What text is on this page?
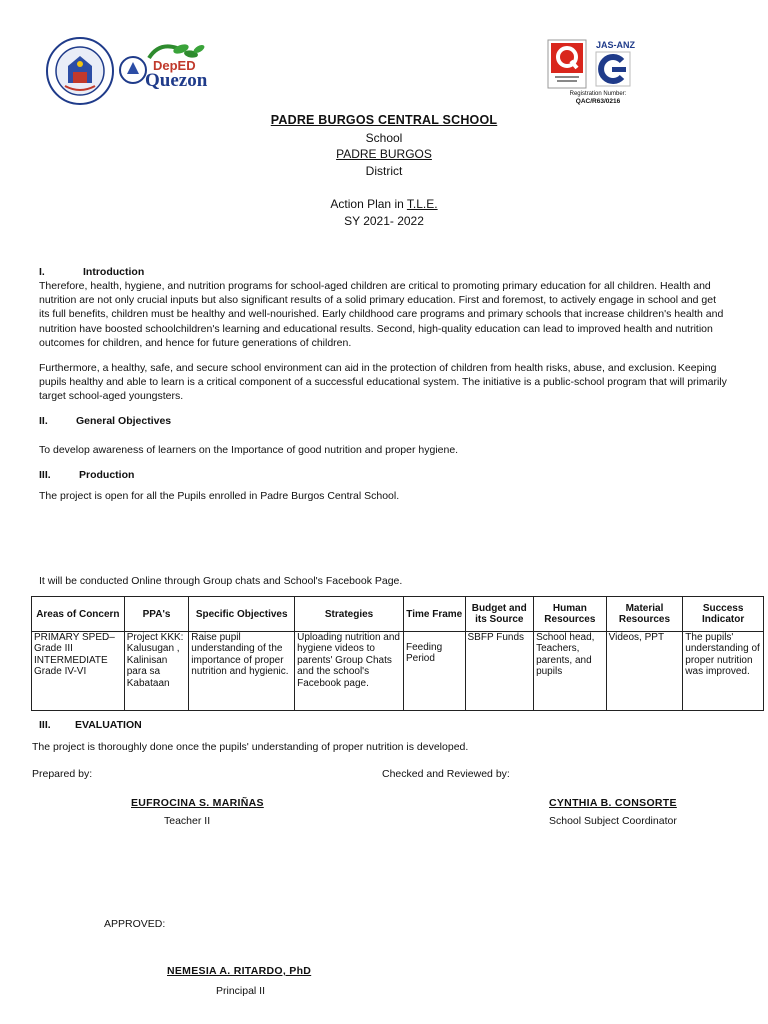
DepED
Quezon
JAS-ANZ
Registration Number:
QAC/R63/0216
PADRE BURGOS CENTRAL SCHOOL
School
PADRE BURGOS
District
Action Plan in T.L.E.
SY 2021- 2022
I.	Introduction
Therefore, health, hygiene, and nutrition programs for school-aged children are critical to promoting primary education for all children. Health and nutrition are not only crucial inputs but also significant results of a solid primary education. First and foremost, to actively engage in school and get its full benefits, children must be healthy and well-nourished. Early childhood care programs and primary schools that increase children's health and nutrition have boosted schoolchildren's learning and educational results. Second, high-quality education can lead to improved health and nutrition outcomes for children, and hence for future generations of children.
Furthermore, a healthy, safe, and secure school environment can aid in the protection of children from health risks, abuse, and exclusion. Keeping pupils healthy and able to learn is a critical component of a successful educational system. The initiative is a public-school program that will primarily target school-aged youngsters.
II.	General Objectives
To develop awareness of learners on the Importance of good nutrition and proper hygiene.
III.	Production
The project is open for all the Pupils enrolled in Padre Burgos Central School.
It will be conducted Online through Group chats and School's Facebook Page.
Areas of Concern	PPA's	Specific Objectives	Strategies	Time Frame	Budget and its Source	Human Resources	Material Resources	Success Indicator
PRIMARY SPED–Grade III INTERMEDIATE Grade IV-VI	Project KKK: Kalusugan , Kalinisan para sa Kabataan	Raise pupil understanding of the importance of proper nutrition and hygienic.	Uploading nutrition and hygiene videos to parents' Group Chats and the school's Facebook page.	Feeding Period	SBFP Funds	School head, Teachers, parents, and pupils	Videos, PPT	The pupils' understanding of proper nutrition was improved.
III. EVALUATION
The project is thoroughly done once the pupils' understanding of proper nutrition is developed.
Prepared by:	Checked and Reviewed by:
EUFROCINA S. MARIÑAS
Teacher II
CYNTHIA B. CONSORTE
School Subject Coordinator
APPROVED:
NEMESIA A. RITARDO, PhD
Principal II
